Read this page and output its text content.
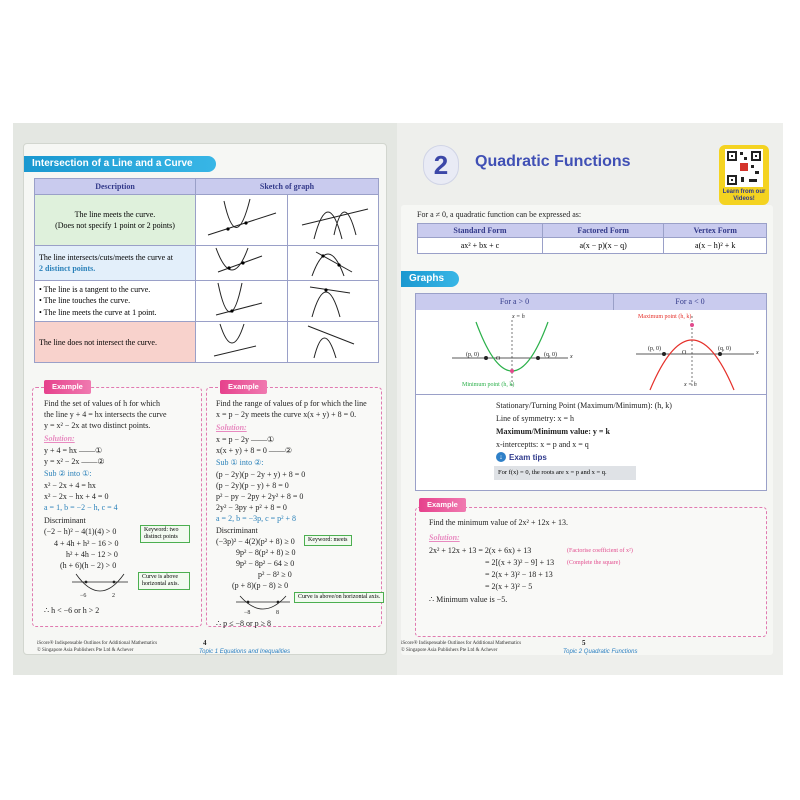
Intersection of a Line and a Curve
Description	Sketch of graph	

The line meets the curve.
(Does not specify 1 point or 2 points)

The line intersects/cuts/meets the curve at
2 distinct points.

• The line is a tangent to the curve.
• The line touches the curve.
• The line meets the curve at 1 point.

The line does not intersect the curve.		
Example
Find the set of values of h for which
the line y + 4 = hx intersects the curve
y = x² − 2x at two distinct points.
Solution:
y + 4 = hx ——①
y = x² − 2x ——②
Sub ② into ①:
x² − 2x + 4 = hx
x² − 2x − hx + 4 = 0
a = 1, b = −2 − h, c = 4
Discriminant
(−2 − h)² − 4(1)(4) > 0
4 + 4h + h² − 16 > 0
h² + 4h − 12 > 0
(h + 6)(h − 2) > 0
−6	2
∴ h < −6 or h > 2
Keyword: two distinct points
Curve is above horizontal axis.
Example
Find the range of values of p for which the line
x = p − 2y meets the curve x(x + y) + 8 = 0.
Solution:
x = p − 2y ——①
x(x + y) + 8 = 0 ——②
Sub ① into ②:
(p − 2y)(p − 2y + y) + 8 = 0
(p − 2y)(p − y) + 8 = 0
p² − py − 2py + 2y² + 8 = 0
2y² − 3py + p² + 8 = 0
a = 2, b = −3p, c = p² + 8
Discriminant
(−3p)² − 4(2)(p² + 8) ≥ 0
9p² − 8(p² + 8) ≥ 0
9p² − 8p² − 64 ≥ 0
p² − 8² ≥ 0
(p + 8)(p − 8) ≥ 0
−8	8
∴ p ≤ −8 or p ≥ 8
Keyword: meets
Curve is above/on horizontal axis.
iScore® Indispensable Outlines for Additional Mathematics
© Singapore Asia Publishers Pte Ltd & Achever
4
Topic 1 Equations and Inequalities
2	Quadratic Functions
Learn from our Videos!
For a ≠ 0, a quadratic function can be expressed as:
Standard Form	Factored Form	Vertex Form
ax² + bx + c	a(x − p)(x − q)	a(x − h)² + k
Graphs
For a > 0	For a < 0
x = h
(p, 0)	(q, 0)
Minimum point (h, k)
x
O
Maximum point (h, k)
(p, 0)	(q, 0)
x = h
x
O
Stationary/Turning Point (Maximum/Minimum): (h, k)
Line of symmetry: x = h
Maximum/Minimum value: y = k
x-interceptts: x = p and x = q
↓ Exam tips
For f(x) = 0, the roots are x = p and x = q.
Example
Find the minimum value of 2x² + 12x + 13.
Solution:
2x² + 12x + 13 = 2(x + 6x) + 13
= 2[(x + 3)² − 9] + 13
= 2(x + 3)² − 18 + 13
= 2(x + 3)² − 5
∴ Minimum value is −5.
(Factorise coefficient of x²)
(Complete the square)
iScore® Indispensable Outlines for Additional Mathematics
© Singapore Asia Publishers Pte Ltd & Achever
5
Topic 2 Quadratic Functions
